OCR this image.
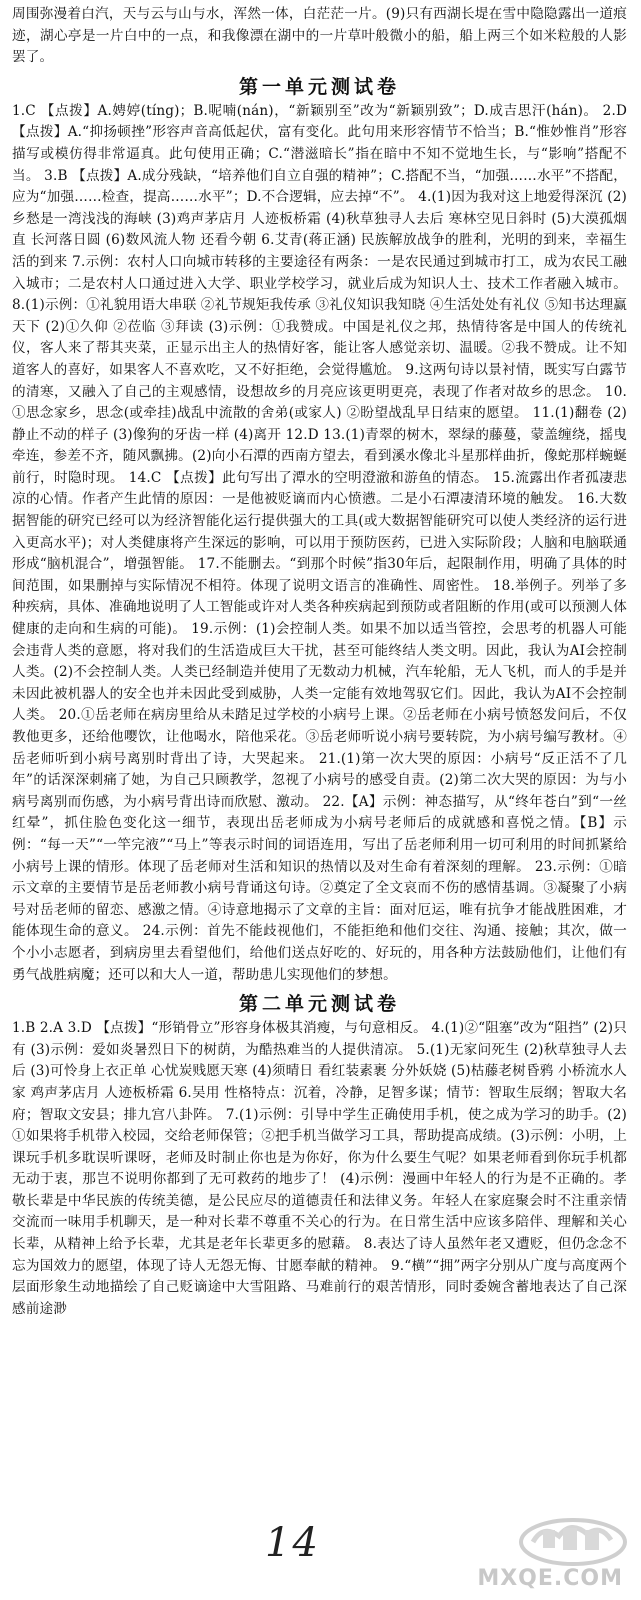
周围弥漫着白汽，天与云与山与水，浑然一体，白茫茫一片。(9)只有西湖长堤在雪中隐隐露出一道痕迹，湖心亭是一片白中的一点，和我像漂在湖中的一片草叶般微小的船，船上两三个如米粒般的人影罢了。

第一单元测试卷

1.C 【点拨】A.娉婷(tíng)；B.呢喃(nán)，“新颖别至”改为“新颖别致”；D.成吉思汗(hán)。 2.D 【点拨】A.“抑扬顿挫”形容声音高低起伏，富有变化。此句用来形容情节不恰当；B.“惟妙惟肖”形容描写或模仿得非常逼真。此句使用正确；C.“潜滋暗长”指在暗中不知不觉地生长，与“影响”搭配不当。 3.B 【点拨】A.成分残缺，“培养他们自立自强的精神”；C.搭配不当，“加强……水平”不搭配，应为“加强……检查，提高……水平”；D.不合逻辑，应去掉“不”。 4.(1)因为我对这上地爱得深沉 (2)乡愁是一湾浅浅的海峡 (3)鸡声茅店月 人迹板桥霜 (4)秋草独寻人去后 寒林空见日斜时 (5)大漠孤烟直 长河落日圆 (6)数风流人物 还看今朝 6.艾青(蒋正涵) 民族解放战争的胜利，光明的到来，幸福生活的到来 7.示例：农村人口向城市转移的主要途径有两条：一是农民通过到城市打工，成为农民工融入城市；二是农村人口通过进入大学、职业学校学习，就业后成为知识人士、技术工作者融入城市。 8.(1)示例：①礼貌用语大串联 ②礼节规矩我传承 ③礼仪知识我知晓 ④生活处处有礼仪 ⑤知书达理赢天下 (2)①久仰 ②莅临 ③拜读 (3)示例：①我赞成。中国是礼仪之邦，热情待客是中国人的传统礼仪，客人来了帮其夹菜，正显示出主人的热情好客，能让客人感觉亲切、温暖。②我不赞成。让不知道客人的喜好，如果客人不喜欢吃，又不好拒绝，会觉得尴尬。 9.这两句诗以景衬情，既实写白露节的清寒，又融入了自己的主观感情，设想故乡的月亮应该更明更亮，表现了作者对故乡的思念。 10.①思念家乡，思念(或牵挂)战乱中流散的舍弟(或家人) ②盼望战乱早日结束的愿望。 11.(1)翻卷 (2)静止不动的样子 (3)像狗的牙齿一样 (4)离开 12.D 13.(1)青翠的树木，翠绿的藤蔓，蒙盖缠绕，摇曳牵连，参差不齐，随风飘拂。(2)向小石潭的西南方望去，看到溪水像北斗星那样曲折，像蛇那样蜿蜒前行，时隐时现。 14.C 【点拨】此句写出了潭水的空明澄澈和游鱼的情态。 15.流露出作者孤凄悲凉的心情。作者产生此情的原因：一是他被贬谪而内心愤懑。二是小石潭凄清环境的触发。 16.大数据智能的研究已经可以为经济智能化运行提供强大的工具(或大数据智能研究可以使人类经济的运行进入更高水平)；对人类健康将产生深远的影响，可以用于预防医药，已进入实际阶段；人脑和电脑联通形成“脑机混合”，增强智能。 17.不能删去。“到那个时候”指30年后，起限制作用，明确了具体的时间范围，如果删掉与实际情况不相符。体现了说明文语言的准确性、周密性。 18.举例子。列举了多种疾病，具体、准确地说明了人工智能或许对人类各种疾病起到预防或者阻断的作用(或可以预测人体健康的走向和生病的可能)。 19.示例：(1)会控制人类。如果不加以适当管控，会思考的机器人可能会违背人类的意愿，将对我们的生活造成巨大干扰，甚至可能终结人类文明。因此，我认为AI会控制人类。(2)不会控制人类。人类已经制造并使用了无数动力机械，汽车轮船，无人飞机，而人的手是并未因此被机器人的安全也并未因此受到威胁，人类一定能有效地驾驭它们。因此，我认为AI不会控制人类。 20.①岳老师在病房里给从未踏足过学校的小病号上课。②岳老师在小病号愤怒发问后，不仅教他更多，还给他嘤饮，让他喝水，陪他采花。③岳老师听说小病号要转院，为小病号编写教材。④岳老师听到小病号离别时背出了诗，大哭起来。 21.(1)第一次大哭的原因：小病号“反正活不了几年”的话深深刺痛了她，为自己只顾教学，忽视了小病号的感受自责。(2)第二次大哭的原因：为与小病号离别而伤感，为小病号背出诗而欣慰、激动。 22.【A】示例：神态描写，从“终年苍白”到“一丝红晕”，抓住脸色变化这一细节，表现出岳老师成为小病号老师后的成就感和喜悦之情。【B】示例：“每一天”“一竿完液”“马上”等表示时间的词语连用，写出了岳老师利用一切可利用的时间抓紧给小病号上课的情形。体现了岳老师对生活和知识的热情以及对生命有着深刻的理解。 23.示例：①暗示文章的主要情节是岳老师教小病号背诵这句诗。②奠定了全文哀而不伤的感情基调。③凝聚了小病号对岳老师的留恋、感激之情。④诗意地揭示了文章的主旨：面对厄运，唯有抗争才能战胜困难，才能体现生命的意义。 24.示例：首先不能歧视他们，不能拒绝和他们交往、沟通、接触；其次，做一个小小志愿者，到病房里去看望他们，给他们送点好吃的、好玩的，用各种方法鼓励他们，让他们有勇气战胜病魔；还可以和大人一道，帮助患儿实现他们的梦想。

第二单元测试卷

1.B 2.A 3.D 【点拨】“形销骨立”形容身体极其消瘦，与句意相反。 4.(1)②“阻塞”改为“阻挡” (2)只有 (3)示例：爱如炎暑烈日下的树荫，为酷热难当的人提供清凉。 5.(1)无家问死生 (2)秋草独寻人去后 (3)可怜身上衣正单 心忧炭贱愿天寒 (4)须晴日 看红装素裹 分外妖娆 (5)枯藤老树昏鸦 小桥流水人家 鸡声茅店月 人迹板桥霜 6.吴用 性格特点：沉着，冷静，足智多谋；情节：智取生辰纲；智取大名府；智取文安县；排九宫八卦阵。 7.(1)示例：引导中学生正确使用手机，使之成为学习的助手。(2)①如果将手机带入校园，交给老师保管；②把手机当做学习工具，帮助提高成绩。(3)示例：小明，上课玩手机多耽误听课呀，老师及时制止你也是为你好，你为什么要生气呢？如果老师看到你玩手机都无动于衷，那岂不说明你都到了无可救药的地步了！ (4)示例：漫画中年轻人的行为是不正确的。孝敬长辈是中华民族的传统美德，是公民应尽的道德责任和法律义务。年轻人在家庭聚会时不注重亲情交流而一味用手机聊天，是一种对长辈不尊重不关心的行为。在日常生活中应该多陪伴、理解和关心长辈，从精神上给予长辈，尤其是老年长辈更多的慰藉。 8.表达了诗人虽然年老又遭贬，但仍念念不忘为国效力的愿望，体现了诗人无怨无悔、甘愿奉献的精神。 9.“横”“拥”两字分别从广度与高度两个层面形象生动地描绘了自己贬谪途中大雪阻路、马难前行的艰苦情形，同时委婉含蓄地表达了自己深感前途渺

14
MXQE.COM
